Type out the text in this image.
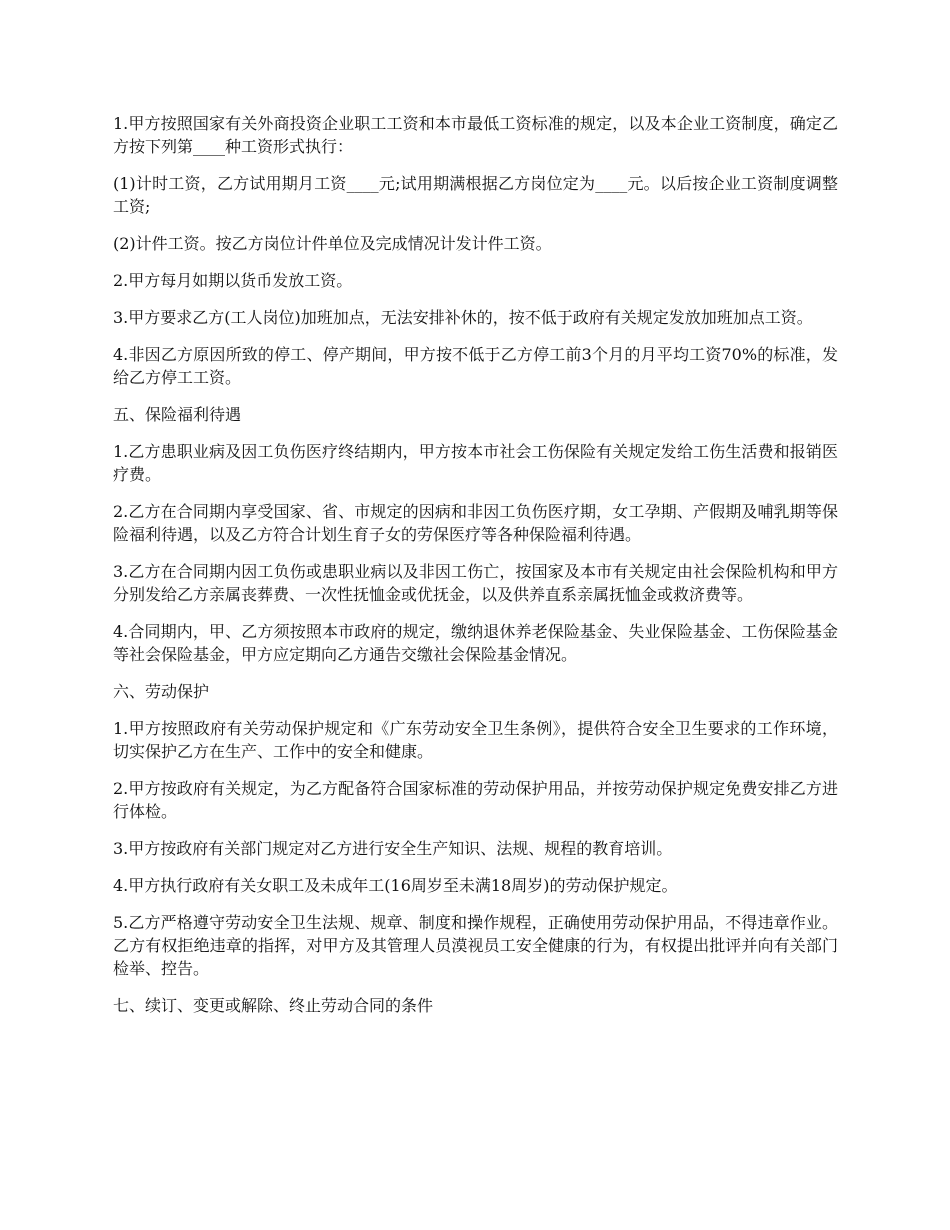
1.甲方按照国家有关外商投资企业职工工资和本市最低工资标准的规定，以及本企业工资制度，确定乙方按下列第____种工资形式执行：

(1)计时工资，乙方试用期月工资____元;试用期满根据乙方岗位定为____元。以后按企业工资制度调整工资;

(2)计件工资。按乙方岗位计件单位及完成情况计发计件工资。

2.甲方每月如期以货币发放工资。

3.甲方要求乙方(工人岗位)加班加点，无法安排补休的，按不低于政府有关规定发放加班加点工资。

4.非因乙方原因所致的停工、停产期间，甲方按不低于乙方停工前3个月的月平均工资70%的标准，发给乙方停工工资。

五、保险福利待遇

1.乙方患职业病及因工负伤医疗终结期内，甲方按本市社会工伤保险有关规定发给工伤生活费和报销医疗费。

2.乙方在合同期内享受国家、省、市规定的因病和非因工负伤医疗期，女工孕期、产假期及哺乳期等保险福利待遇，以及乙方符合计划生育子女的劳保医疗等各种保险福利待遇。

3.乙方在合同期内因工负伤或患职业病以及非因工伤亡，按国家及本市有关规定由社会保险机构和甲方分别发给乙方亲属丧葬费、一次性抚恤金或优抚金，以及供养直系亲属抚恤金或救济费等。

4.合同期内，甲、乙方须按照本市政府的规定，缴纳退休养老保险基金、失业保险基金、工伤保险基金等社会保险基金，甲方应定期向乙方通告交缴社会保险基金情况。

六、劳动保护

1.甲方按照政府有关劳动保护规定和《广东劳动安全卫生条例》，提供符合安全卫生要求的工作环境，切实保护乙方在生产、工作中的安全和健康。

2.甲方按政府有关规定，为乙方配备符合国家标准的劳动保护用品，并按劳动保护规定免费安排乙方进行体检。

3.甲方按政府有关部门规定对乙方进行安全生产知识、法规、规程的教育培训。

4.甲方执行政府有关女职工及未成年工(16周岁至未满18周岁)的劳动保护规定。

5.乙方严格遵守劳动安全卫生法规、规章、制度和操作规程，正确使用劳动保护用品，不得违章作业。乙方有权拒绝违章的指挥，对甲方及其管理人员漠视员工安全健康的行为，有权提出批评并向有关部门检举、控告。

七、续订、变更或解除、终止劳动合同的条件
